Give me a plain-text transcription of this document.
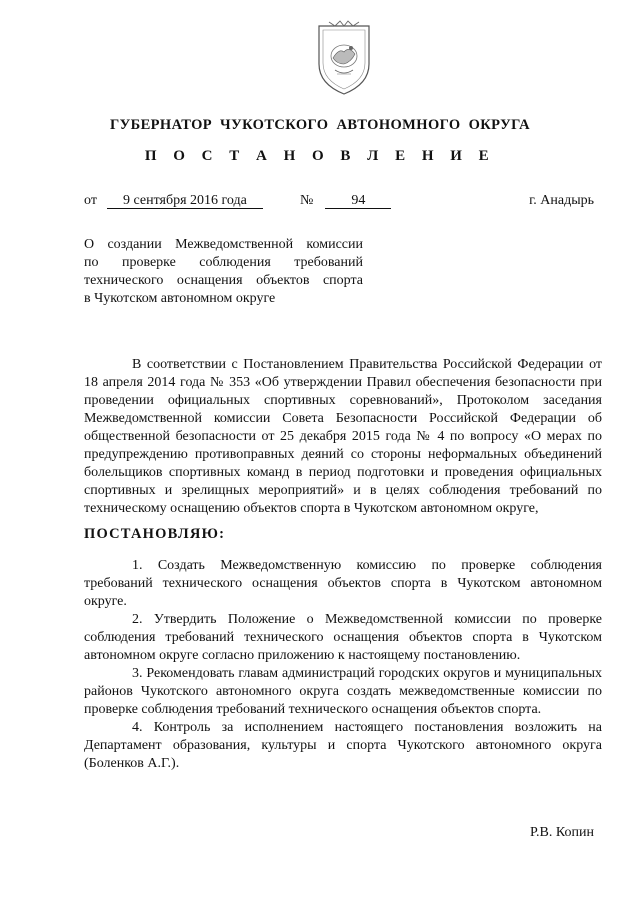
ГУБЕРНАТОР ЧУКОТСКОГО АВТОНОМНОГО ОКРУГА
П О С Т А Н О В Л Е Н И Е
от 9 сентября 2016 года	№	94	г. Анадырь
О создании Межведомственной комиссии
по проверке соблюдения требований
технического оснащения объектов спорта
в Чукотском автономном округе

В соответствии с Постановлением Правительства Российской Федерации от 18 апреля 2014 года № 353 «Об утверждении Правил обеспечения безопасности при проведении официальных спортивных соревнований», Протоколом заседания Межведомственной комиссии Совета Безопасности Российской Федерации об общественной безопасности от 25 декабря 2015 года № 4 по вопросу «О мерах по предупреждению противоправных деяний со стороны неформальных объединений болельщиков спортивных команд в период подготовки и проведения официальных спортивных и зрелищных мероприятий» и в целях соблюдения требований по техническому оснащению объектов спорта в Чукотском автономном округе,

ПОСТАНОВЛЯЮ:

1. Создать Межведомственную комиссию по проверке соблюдения требований технического оснащения объектов спорта в Чукотском автономном округе.

2. Утвердить Положение о Межведомственной комиссии по проверке соблюдения требований технического оснащения объектов спорта в Чукотском автономном округе согласно приложению к настоящему постановлению.

3. Рекомендовать главам администраций городских округов и муниципальных районов Чукотского автономного округа создать межведомственные комиссии по проверке соблюдения требований технического оснащения объектов спорта.

4. Контроль за исполнением настоящего постановления возложить на Департамент образования, культуры и спорта Чукотского автономного округа (Боленков А.Г.).

Р.В. Копин
